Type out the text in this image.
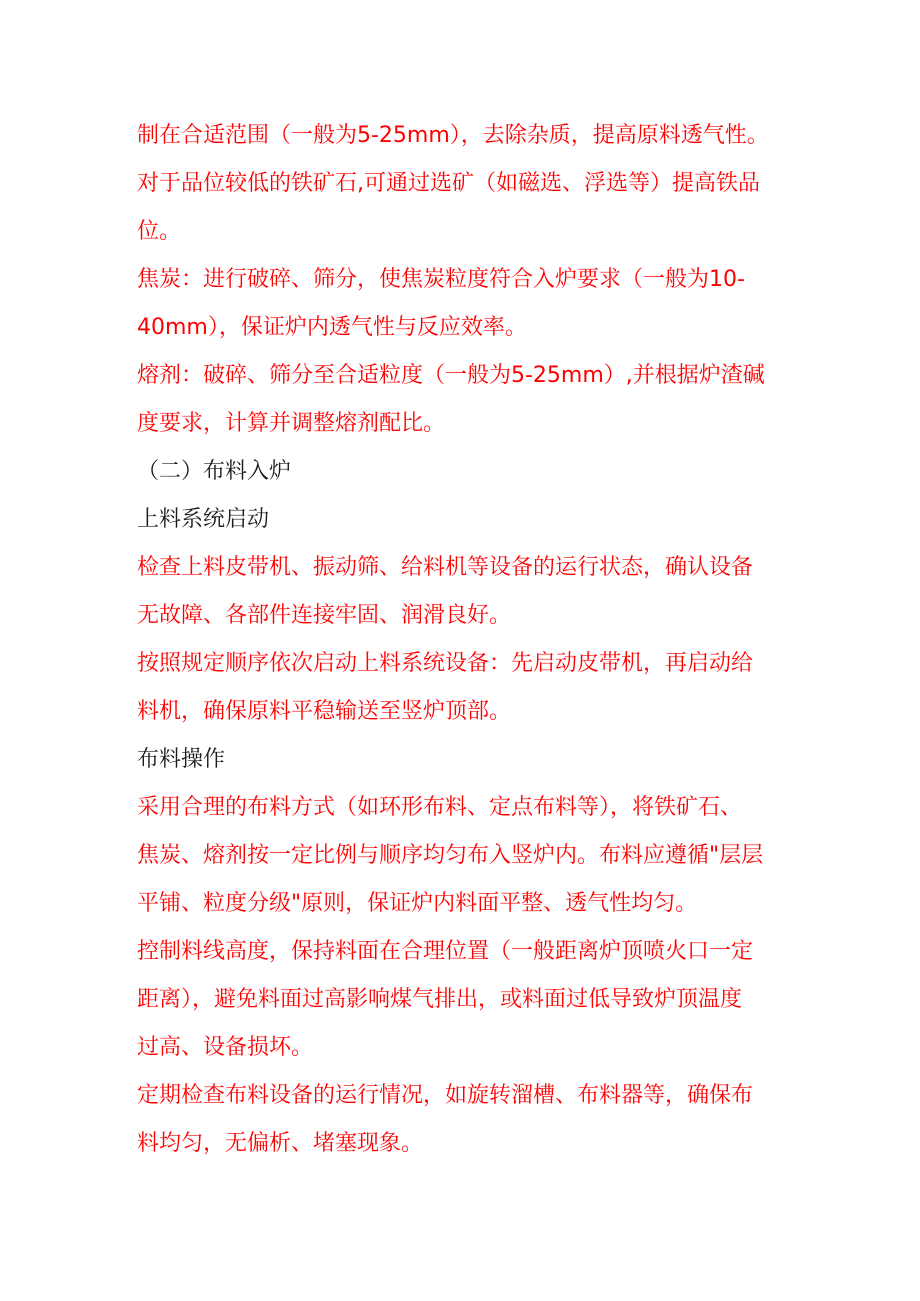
制在合适范围（一般为5-25mm），去除杂质，提高原料透气性。
对于品位较低的铁矿石,可通过选矿（如磁选、浮选等）提高铁品
位。
焦炭：进行破碎、筛分，使焦炭粒度符合入炉要求（一般为10-
40mm），保证炉内透气性与反应效率。
熔剂：破碎、筛分至合适粒度（一般为5-25mm）,并根据炉渣碱
度要求，计算并调整熔剂配比。
（二）布料入炉
上料系统启动
检查上料皮带机、振动筛、给料机等设备的运行状态，确认设备
无故障、各部件连接牢固、润滑良好。
按照规定顺序依次启动上料系统设备：先启动皮带机，再启动给
料机，确保原料平稳输送至竖炉顶部。
布料操作
采用合理的布料方式（如环形布料、定点布料等），将铁矿石、
焦炭、熔剂按一定比例与顺序均匀布入竖炉内。布料应遵循"层层
平铺、粒度分级"原则，保证炉内料面平整、透气性均匀。
控制料线高度，保持料面在合理位置（一般距离炉顶喷火口一定
距离），避免料面过高影响煤气排出，或料面过低导致炉顶温度
过高、设备损坏。
定期检查布料设备的运行情况，如旋转溜槽、布料器等，确保布
料均匀，无偏析、堵塞现象。
